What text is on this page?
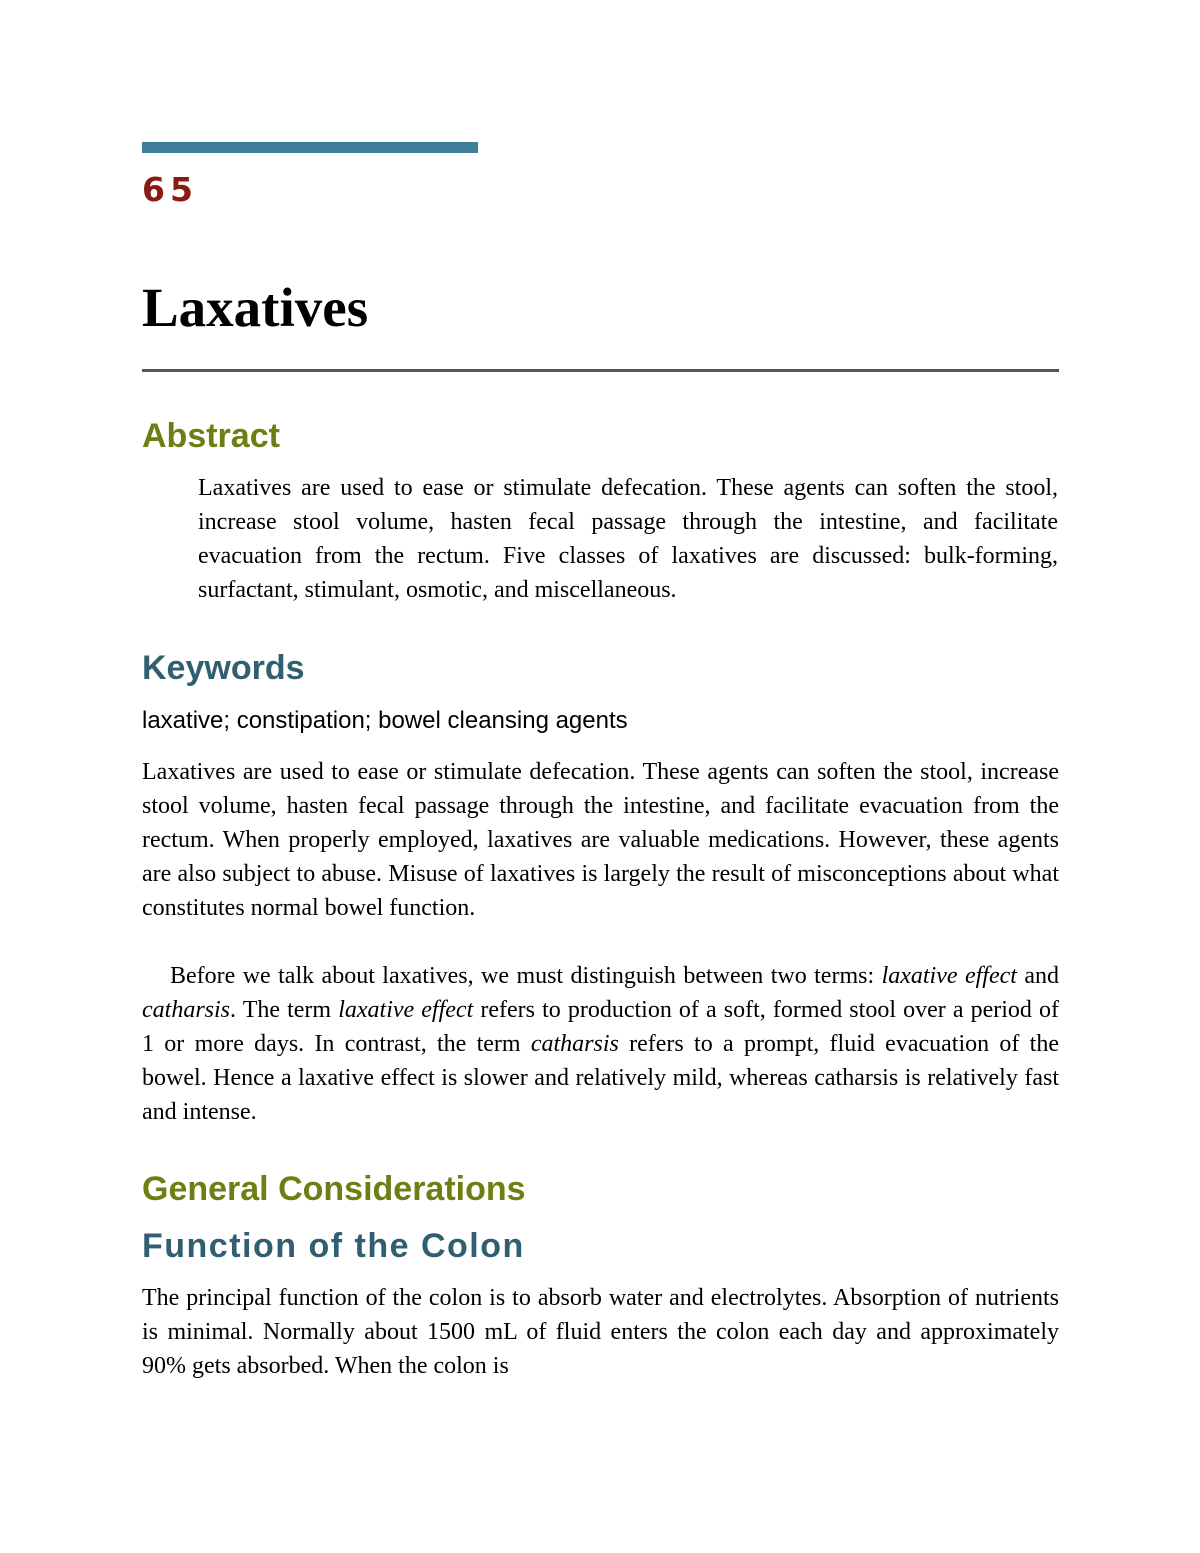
65
Laxatives
Abstract

Laxatives are used to ease or stimulate defecation. These agents can soften the stool, increase stool volume, hasten fecal passage through the intestine, and facilitate evacuation from the rectum. Five classes of laxatives are discussed: bulk-forming, surfactant, stimulant, osmotic, and miscellaneous.

Keywords

laxative; constipation; bowel cleansing agents

Laxatives are used to ease or stimulate defecation. These agents can soften the stool, increase stool volume, hasten fecal passage through the intestine, and facilitate evacuation from the rectum. When properly employed, laxatives are valuable medications. However, these agents are also subject to abuse. Misuse of laxatives is largely the result of misconceptions about what constitutes normal bowel function.

Before we talk about laxatives, we must distinguish between two terms: laxative effect and catharsis. The term laxative effect refers to production of a soft, formed stool over a period of 1 or more days. In contrast, the term catharsis refers to a prompt, fluid evacuation of the bowel. Hence a laxative effect is slower and relatively mild, whereas catharsis is relatively fast and intense.

General Considerations
Function of the Colon

The principal function of the colon is to absorb water and electrolytes. Absorption of nutrients is minimal. Normally about 1500 mL of fluid enters the colon each day and approximately 90% gets absorbed. When the colon is
